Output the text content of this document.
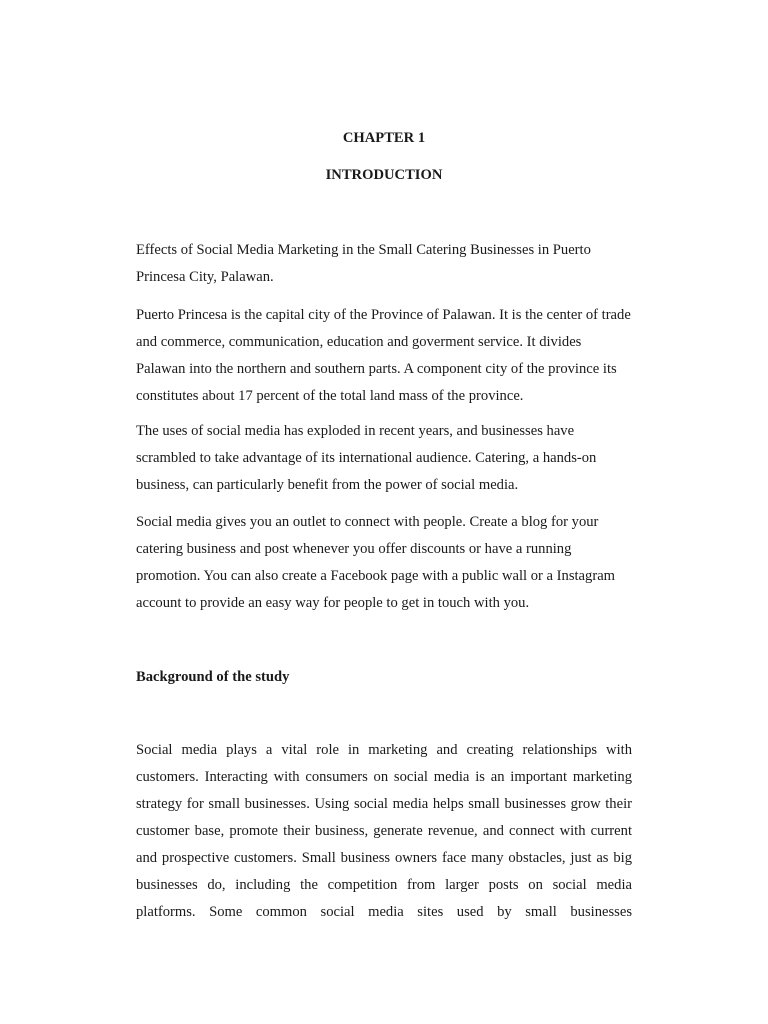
CHAPTER 1
INTRODUCTION

Effects of Social Media Marketing in the Small Catering Businesses in Puerto Princesa City, Palawan.

Puerto Princesa is the capital city of the Province of Palawan. It is the center of trade and commerce, communication, education and goverment service. It divides Palawan into the northern and southern parts. A component city of the province its constitutes about 17 percent of the total land mass of the province.

The uses of social media has exploded in recent years, and businesses have scrambled to take advantage of its international audience. Catering, a hands-on business, can particularly benefit from the power of social media.

Social media gives you an outlet to connect with people. Create a blog for your catering business and post whenever you offer discounts or have a running promotion. You can also create a Facebook page with a public wall or a Instagram account to provide an easy way for people to get in touch with you.

Background of the study

Social media plays a vital role in marketing and creating relationships with customers. Interacting with consumers on social media is an important marketing strategy for small businesses. Using social media helps small businesses grow their customer base, promote their business, generate revenue, and connect with current and prospective customers. Small business owners face many obstacles, just as big businesses do, including the competition from larger posts on social media platforms. Some common social media sites used by small businesses
